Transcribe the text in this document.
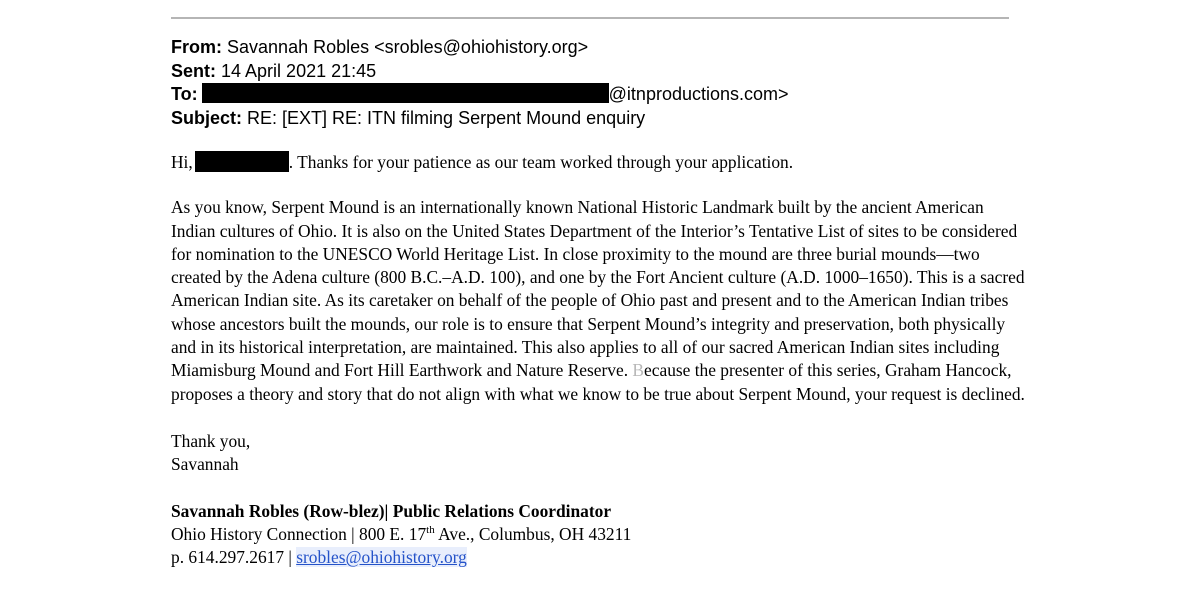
From: Savannah Robles <srobles@ohiohistory.org>
Sent: 14 April 2021 21:45
To:	@itnproductions.com>
Subject: RE: [EXT] RE: ITN filming Serpent Mound enquiry

Hi,	. Thanks for your patience as our team worked through your application.

As you know, Serpent Mound is an internationally known National Historic Landmark built by the ancient American Indian cultures of Ohio. It is also on the United States Department of the Interior’s Tentative List of sites to be considered for nomination to the UNESCO World Heritage List. In close proximity to the mound are three burial mounds—two created by the Adena culture (800 B.C.–A.D. 100), and one by the Fort Ancient culture (A.D. 1000–1650). This is a sacred American Indian site. As its caretaker on behalf of the people of Ohio past and present and to the American Indian tribes whose ancestors built the mounds, our role is to ensure that Serpent Mound’s integrity and preservation, both physically and in its historical interpretation, are maintained. This also applies to all of our sacred American Indian sites including Miamisburg Mound and Fort Hill Earthwork and Nature Reserve. Because the presenter of this series, Graham Hancock, proposes a theory and story that do not align with what we know to be true about Serpent Mound, your request is declined.

Thank you,
Savannah

Savannah Robles (Row-blez)| Public Relations Coordinator
Ohio History Connection | 800 E. 17th Ave., Columbus, OH 43211
p. 614.297.2617 | srobles@ohiohistory.org
